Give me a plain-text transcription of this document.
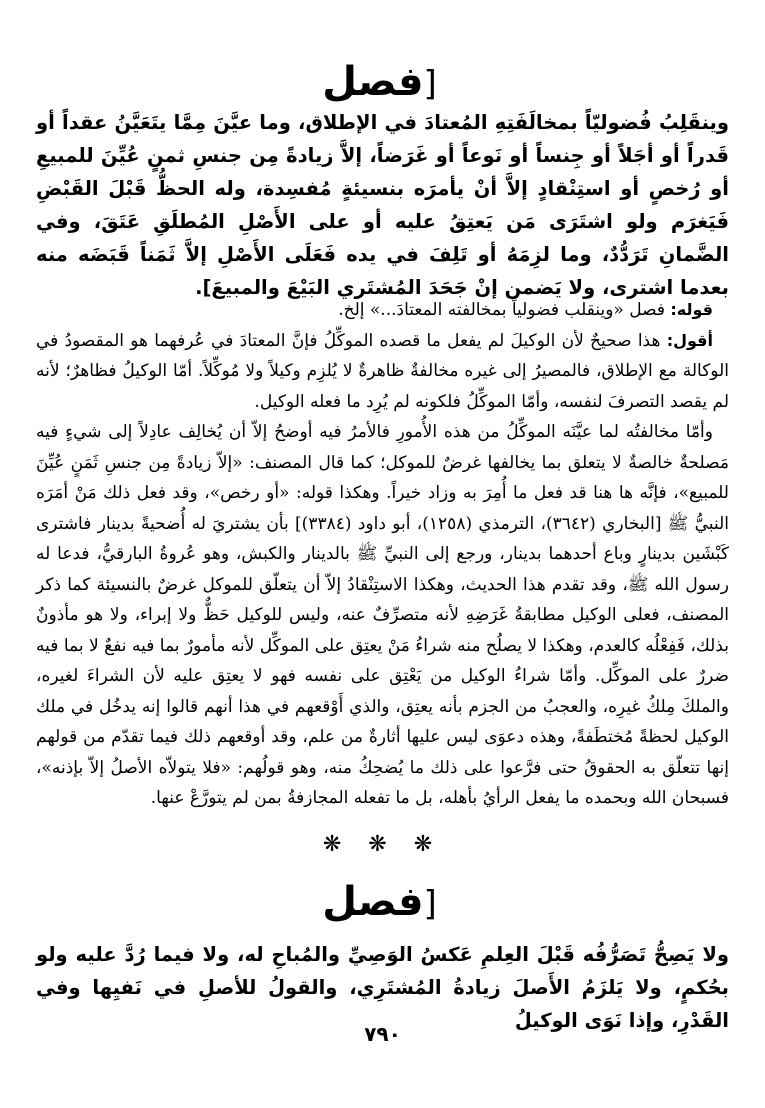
[فصل
وينقَلِبُ فُضوليّاً بمخالَفَتِهِ المُعتادَ في الإطلاق، وما عيَّنَ مِمَّا يتَعَيَّنُ عقداً أو قَدراً أو أجَلاً أو جِنساً أو نَوعاً أو غَرَضاً، إلاَّ زيادةً مِن جنسِ ثمنٍ عُيِّنَ للمبيعِ أو رُخصٍ أو استِنْقادٍ إلاَّ أنْ يأمرَه بنسيئةٍ مُفسِدة، وله الحظُّ قَبْلَ القَبْضِ فَيَغرَم ولو اشتَرَى مَن يَعتِقُ عليه أو على الأَصْلِ المُطلَقِ عَتَقَ، وفي الضَّمانِ تَرَدُّدٌ، وما لزِمَهُ أو تَلِفَ في يده فَعَلَى الأَصْلِ إلاَّ ثَمَناً قَبَضَه منه بعدما اشترى، ولا يَضمن إنْ جَحَدَ المُشتَري البَيْعَ والمبيعَ].

قوله: فصل «وينقلب فضولياً بمخالفته المعتادَ...» إلخ.

أقول: هذا صحيحٌ لأن الوكيلَ لم يفعل ما قصده الموكِّلُ فإنَّ المعتادَ في عُرفهما هو المقصودُ في الوكالة مع الإطلاق، فالمصيرُ إلى غيره مخالفةٌ ظاهرةٌ لا يُلزِم وكيلاً ولا مُوكِّلاً. أمّا الوكيلُ فظاهرٌ؛ لأنه لم يقصد التصرفَ لنفسه، وأمّا الموكِّلُ فلكونه لم يُرِد ما فعله الوكيل.

وأمّا مخالفتُه لما عيَّنَه الموكِّلُ من هذه الأُمورِ فالأمرُ فيه أوضحُ إلاّ أن يُخالِف عادِلاً إلى شيءٍ فيه مَصلحةٌ خالصةٌ لا يتعلق بما يخالفها غرضٌ للموكل؛ كما قال المصنف: «إلاّ زيادةً مِن جنسِ ثَمَنٍ عُيِّنَ للمبيع»، فإنَّه ها هنا قد فعل ما أُمِرَ به وزاد خيراً. وهكذا قوله: «أو رخص»، وقد فعل ذلك مَنْ أمَرَه النبيُّ ﷺ [البخاري (٣٦٤٢)، الترمذي (١٢٥٨)، أبو داود (٣٣٨٤)] بأن يشتريَ له أُضحيةً بدينار فاشترى كَبْشَين بدينارٍ وباع أحدهما بدينار، ورجع إلى النبيِّ ﷺ بالدينار والكبش، وهو عُروةُ البارقيُّ، فدعا له رسول الله ﷺ، وقد تقدم هذا الحديث، وهكذا الاستِنْقادُ إلاّ أن يتعلّق للموكل غرضٌ بالنسيئة كما ذكر المصنف، فعلى الوكيل مطابقةُ غَرَضِهِ لأنه متصرِّفٌ عنه، وليس للوكيل حَظٌّ ولا إبراء، ولا هو مأذونٌ بذلك، فَفِعْلُه كالعدم، وهكذا لا يصلُح منه شراءُ مَنْ يعتِق على الموكِّل لأنه مأمورٌ بما فيه نفعٌ لا بما فيه ضررٌ على الموكِّل. وأمّا شراءُ الوكيل من يَعْتِق على نفسه فهو لا يعتِق عليه لأن الشراءَ لغيره، والملكَ مِلكُ غيرِه، والعجبُ من الجزم بأنه يعتِق، والذي أَوْقعهم في هذا أنهم قالوا إنه يدخُل في ملك الوكيل لحظةً مُختطَفةً، وهذه دعوَى ليس عليها أثارةٌ من علم، وقد أوقعهم ذلك فيما تقدّم من قولهم إنها تتعلّق به الحقوقُ حتى فرَّعوا على ذلك ما يُضحِكُ منه، وهو قولُهم: «فلا يتولاّه الأصلُ إلاّ بإذنه»، فسبحان الله وبحمده ما يفعل الرأيُ بأهله، بل ما تفعله المجازفةُ بمن لم يتورَّعْ عنها.

❋ ❋ ❋
[فصل
ولا يَصِحُّ تَصَرُّفُه قَبْلَ العِلمِ عَكسُ الوَصِيِّ والمُباحِ له، ولا فيما رُدَّ عليه ولو بحُكمٍ، ولا يَلزَمُ الأَصلَ زيادةُ المُشتَرِي، والقولُ للأصلِ في نَفيِها وفي القَدْرِ، وإذا نَوَى الوكيلُ
٧٩٠
